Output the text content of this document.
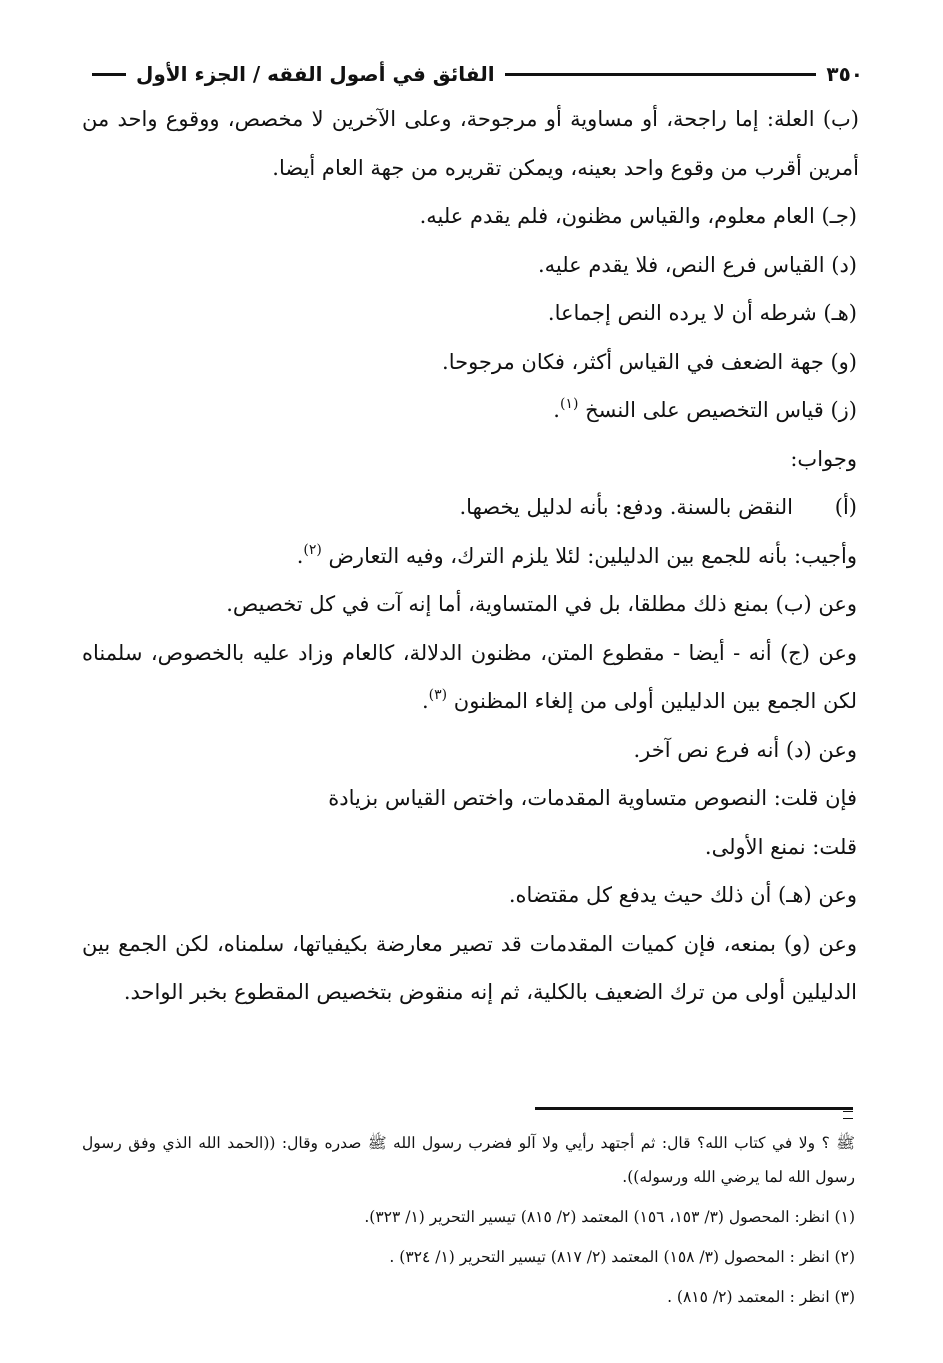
٣٥٠
الفائق في أصول الفقه / الجزء الأول

(ب) العلة: إما راجحة، أو مساوية أو مرجوحة، وعلى الآخرين لا مخصص، ووقوع واحد من أمرين أقرب من وقوع واحد بعينه، ويمكن تقريره من جهة العام أيضا.

(جـ) العام معلوم، والقياس مظنون، فلم يقدم عليه.

(د) القياس فرع النص، فلا يقدم عليه.

(هـ) شرطه أن لا يرده النص إجماعا.

(و) جهة الضعف في القياس أكثر، فكان مرجوحا.

(ز) قياس التخصيص على النسخ $^{(١)}$.

وجواب:

(أ)النقض بالسنة. ودفع: بأنه لدليل يخصها.

وأجيب: بأنه للجمع بين الدليلين: لئلا يلزم الترك، وفيه التعارض $^{(٢)}$.

وعن (ب) بمنع ذلك مطلقا، بل في المتساوية، أما إنه آت في كل تخصيص.

وعن (ج) أنه - أيضا - مقطوع المتن، مظنون الدلالة، كالعام وزاد عليه بالخصوص، سلمناه لكن الجمع بين الدليلين أولى من إلغاء المظنون $^{(٣)}$.

وعن (د) أنه فرع نص آخر.

فإن قلت: النصوص متساوية المقدمات، واختص القياس بزيادة

قلت: نمنع الأولى.

وعن (هـ) أن ذلك حيث يدفع كل مقتضاه.

وعن (و) بمنعه، فإن كميات المقدمات قد تصير معارضة بكيفياتها، سلمناه، لكن الجمع بين الدليلين أولى من ترك الضعيف بالكلية، ثم إنه منقوض بتخصيص المقطوع بخبر الواحد.

ﷺ ؟ ولا في كتاب الله؟ قال: ثم أجتهد رأيي ولا آلو فضرب رسول الله ﷺ صدره وقال: ((الحمد الله الذي وفق رسول رسول الله لما يرضي الله ورسوله)).

(١) انظر: المحصول (٣/ ١٥٣، ١٥٦) المعتمد (٢/ ٨١٥) تيسير التحرير (١/ ٣٢٣).

(٢) انظر : المحصول (٣/ ١٥٨) المعتمد (٢/ ٨١٧) تيسير التحرير (١/ ٣٢٤) .

(٣) انظر : المعتمد (٢/ ٨١٥) .
